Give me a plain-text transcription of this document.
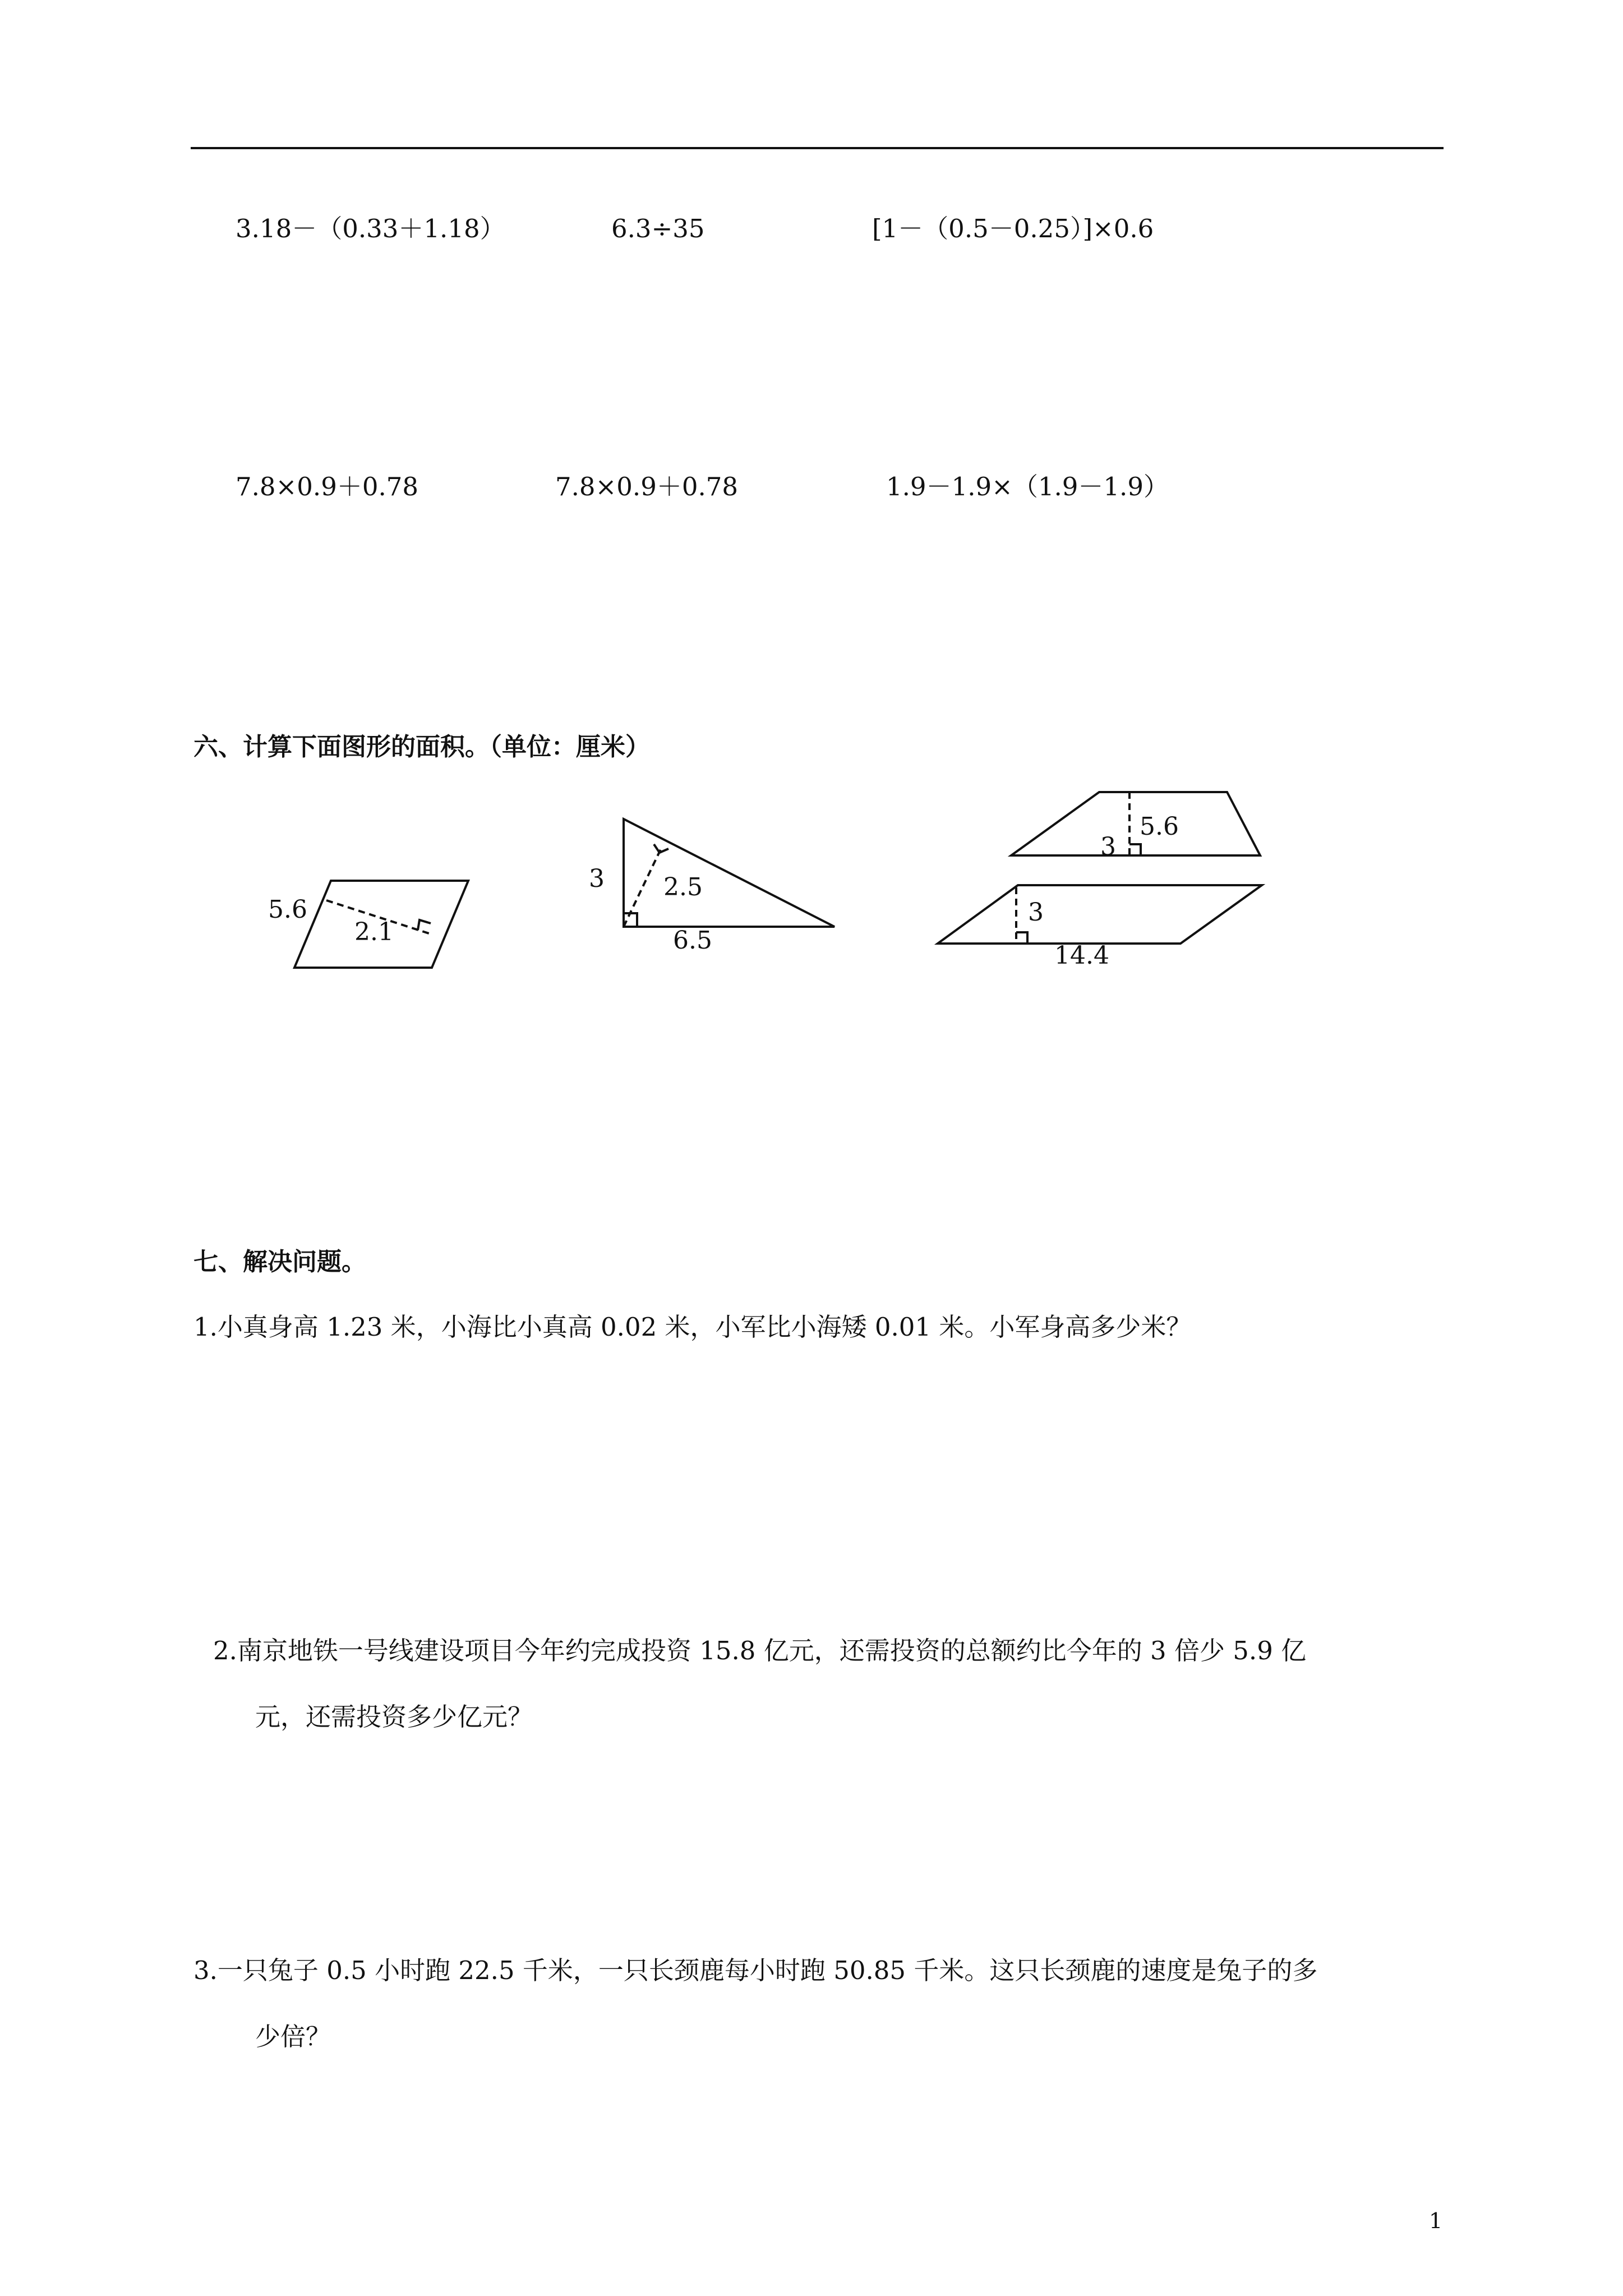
3.18－（0.33＋1.18）	6.3÷35	[1－（0.5－0.25）]×0.6
7.8×0.9＋0.78	7.8×0.9＋0.78	1.9－1.9×（1.9－1.9）
六、计算下面图形的面积。（单位：厘米）
5.6
2.1
3 2.5
6.5
3
5.6
3
14.4
七、解决问题。
1.小真身高 1.23 米，小海比小真高 0.02 米，小军比小海矮 0.01 米。小军身高多少米？
2.南京地铁一号线建设项目今年约完成投资 15.8 亿元，还需投资的总额约比今年的 3 倍少 5.9 亿
元，还需投资多少亿元？
3.一只兔子 0.5 小时跑 22.5 千米，一只长颈鹿每小时跑 50.85 千米。这只长颈鹿的速度是兔子的多
少倍？
1
